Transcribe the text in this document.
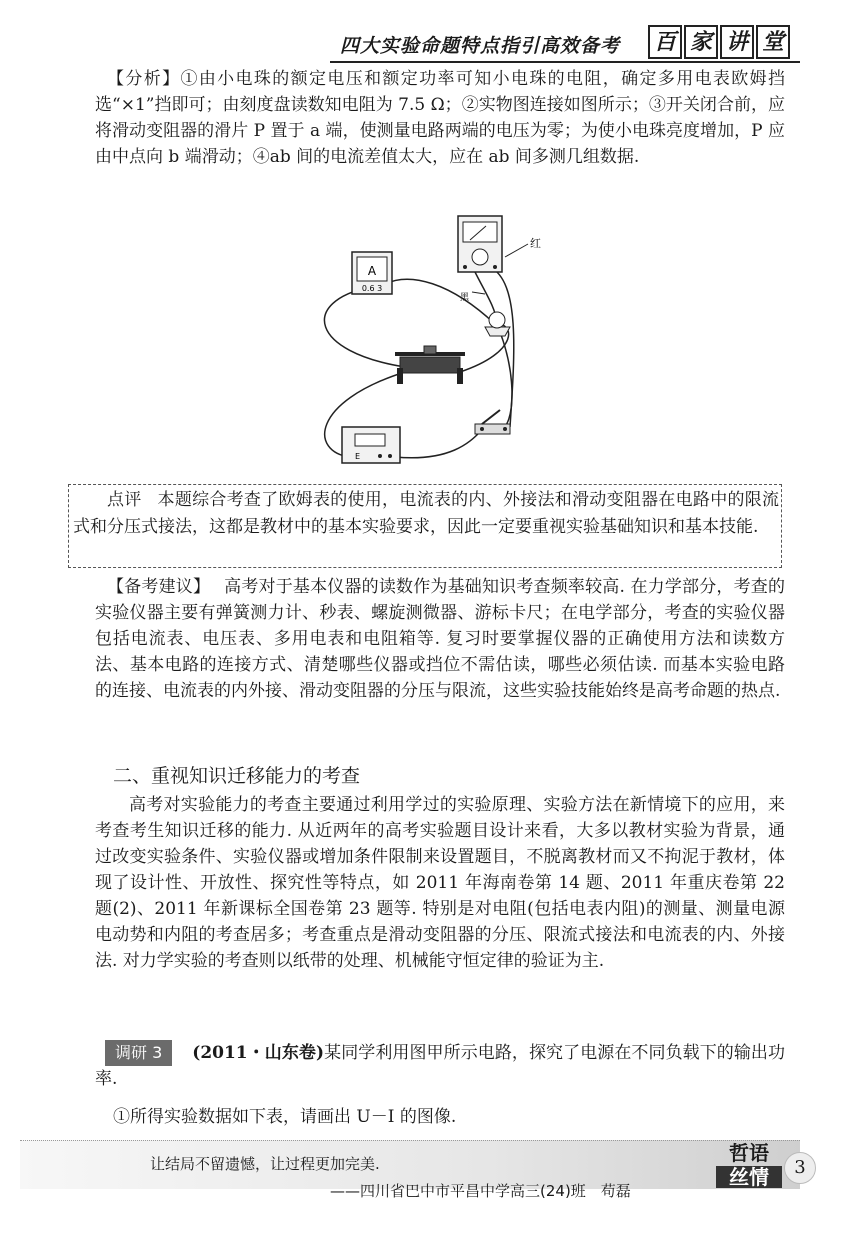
四大实验命题特点指引高效备考 百 家 讲 堂
【分析】①由小电珠的额定电压和额定功率可知小电珠的电阻，确定多用电表欧姆挡选“×1”挡即可；由刻度盘读数知电阻为 7.5 Ω；②实物图连接如图所示；③开关闭合前，应将滑动变阻器的滑片 P 置于 a 端，使测量电路两端的电压为零；为使小电珠亮度增加，P 应由中点向 b 端滑动；④ab 间的电流差值太大，应在 ab 间多测几组数据.
A
0.6 3
红
黑
E
点评 本题综合考查了欧姆表的使用，电流表的内、外接法和滑动变阻器在电路中的限流式和分压式接法，这都是教材中的基本实验要求，因此一定要重视实验基础知识和基本技能.
【备考建议】 高考对于基本仪器的读数作为基础知识考查频率较高. 在力学部分，考查的实验仪器主要有弹簧测力计、秒表、螺旋测微器、游标卡尺；在电学部分，考查的实验仪器包括电流表、电压表、多用电表和电阻箱等. 复习时要掌握仪器的正确使用方法和读数方法、基本电路的连接方式、清楚哪些仪器或挡位不需估读，哪些必须估读. 而基本实验电路的连接、电流表的内外接、滑动变阻器的分压与限流，这些实验技能始终是高考命题的热点.
二、重视知识迁移能力的考查
高考对实验能力的考查主要通过利用学过的实验原理、实验方法在新情境下的应用，来考查考生知识迁移的能力. 从近两年的高考实验题目设计来看，大多以教材实验为背景，通过改变实验条件、实验仪器或增加条件限制来设置题目，不脱离教材而又不拘泥于教材，体现了设计性、开放性、探究性等特点，如 2011 年海南卷第 14 题、2011 年重庆卷第 22 题(2)、2011 年新课标全国卷第 23 题等. 特别是对电阻(包括电表内阻)的测量、测量电源电动势和内阻的考查居多；考查重点是滑动变阻器的分压、限流式接法和电流表的内、外接法. 对力学实验的考查则以纸带的处理、机械能守恒定律的验证为主.
调研 3 (2011・山东卷)某同学利用图甲所示电路，探究了电源在不同负载下的输出功率.
①所得实验数据如下表，请画出 U－I 的图像.
让结局不留遗憾，让过程更加完美.
——四川省巴中市平昌中学高三(24)班　苟磊
哲语
丝情	3
